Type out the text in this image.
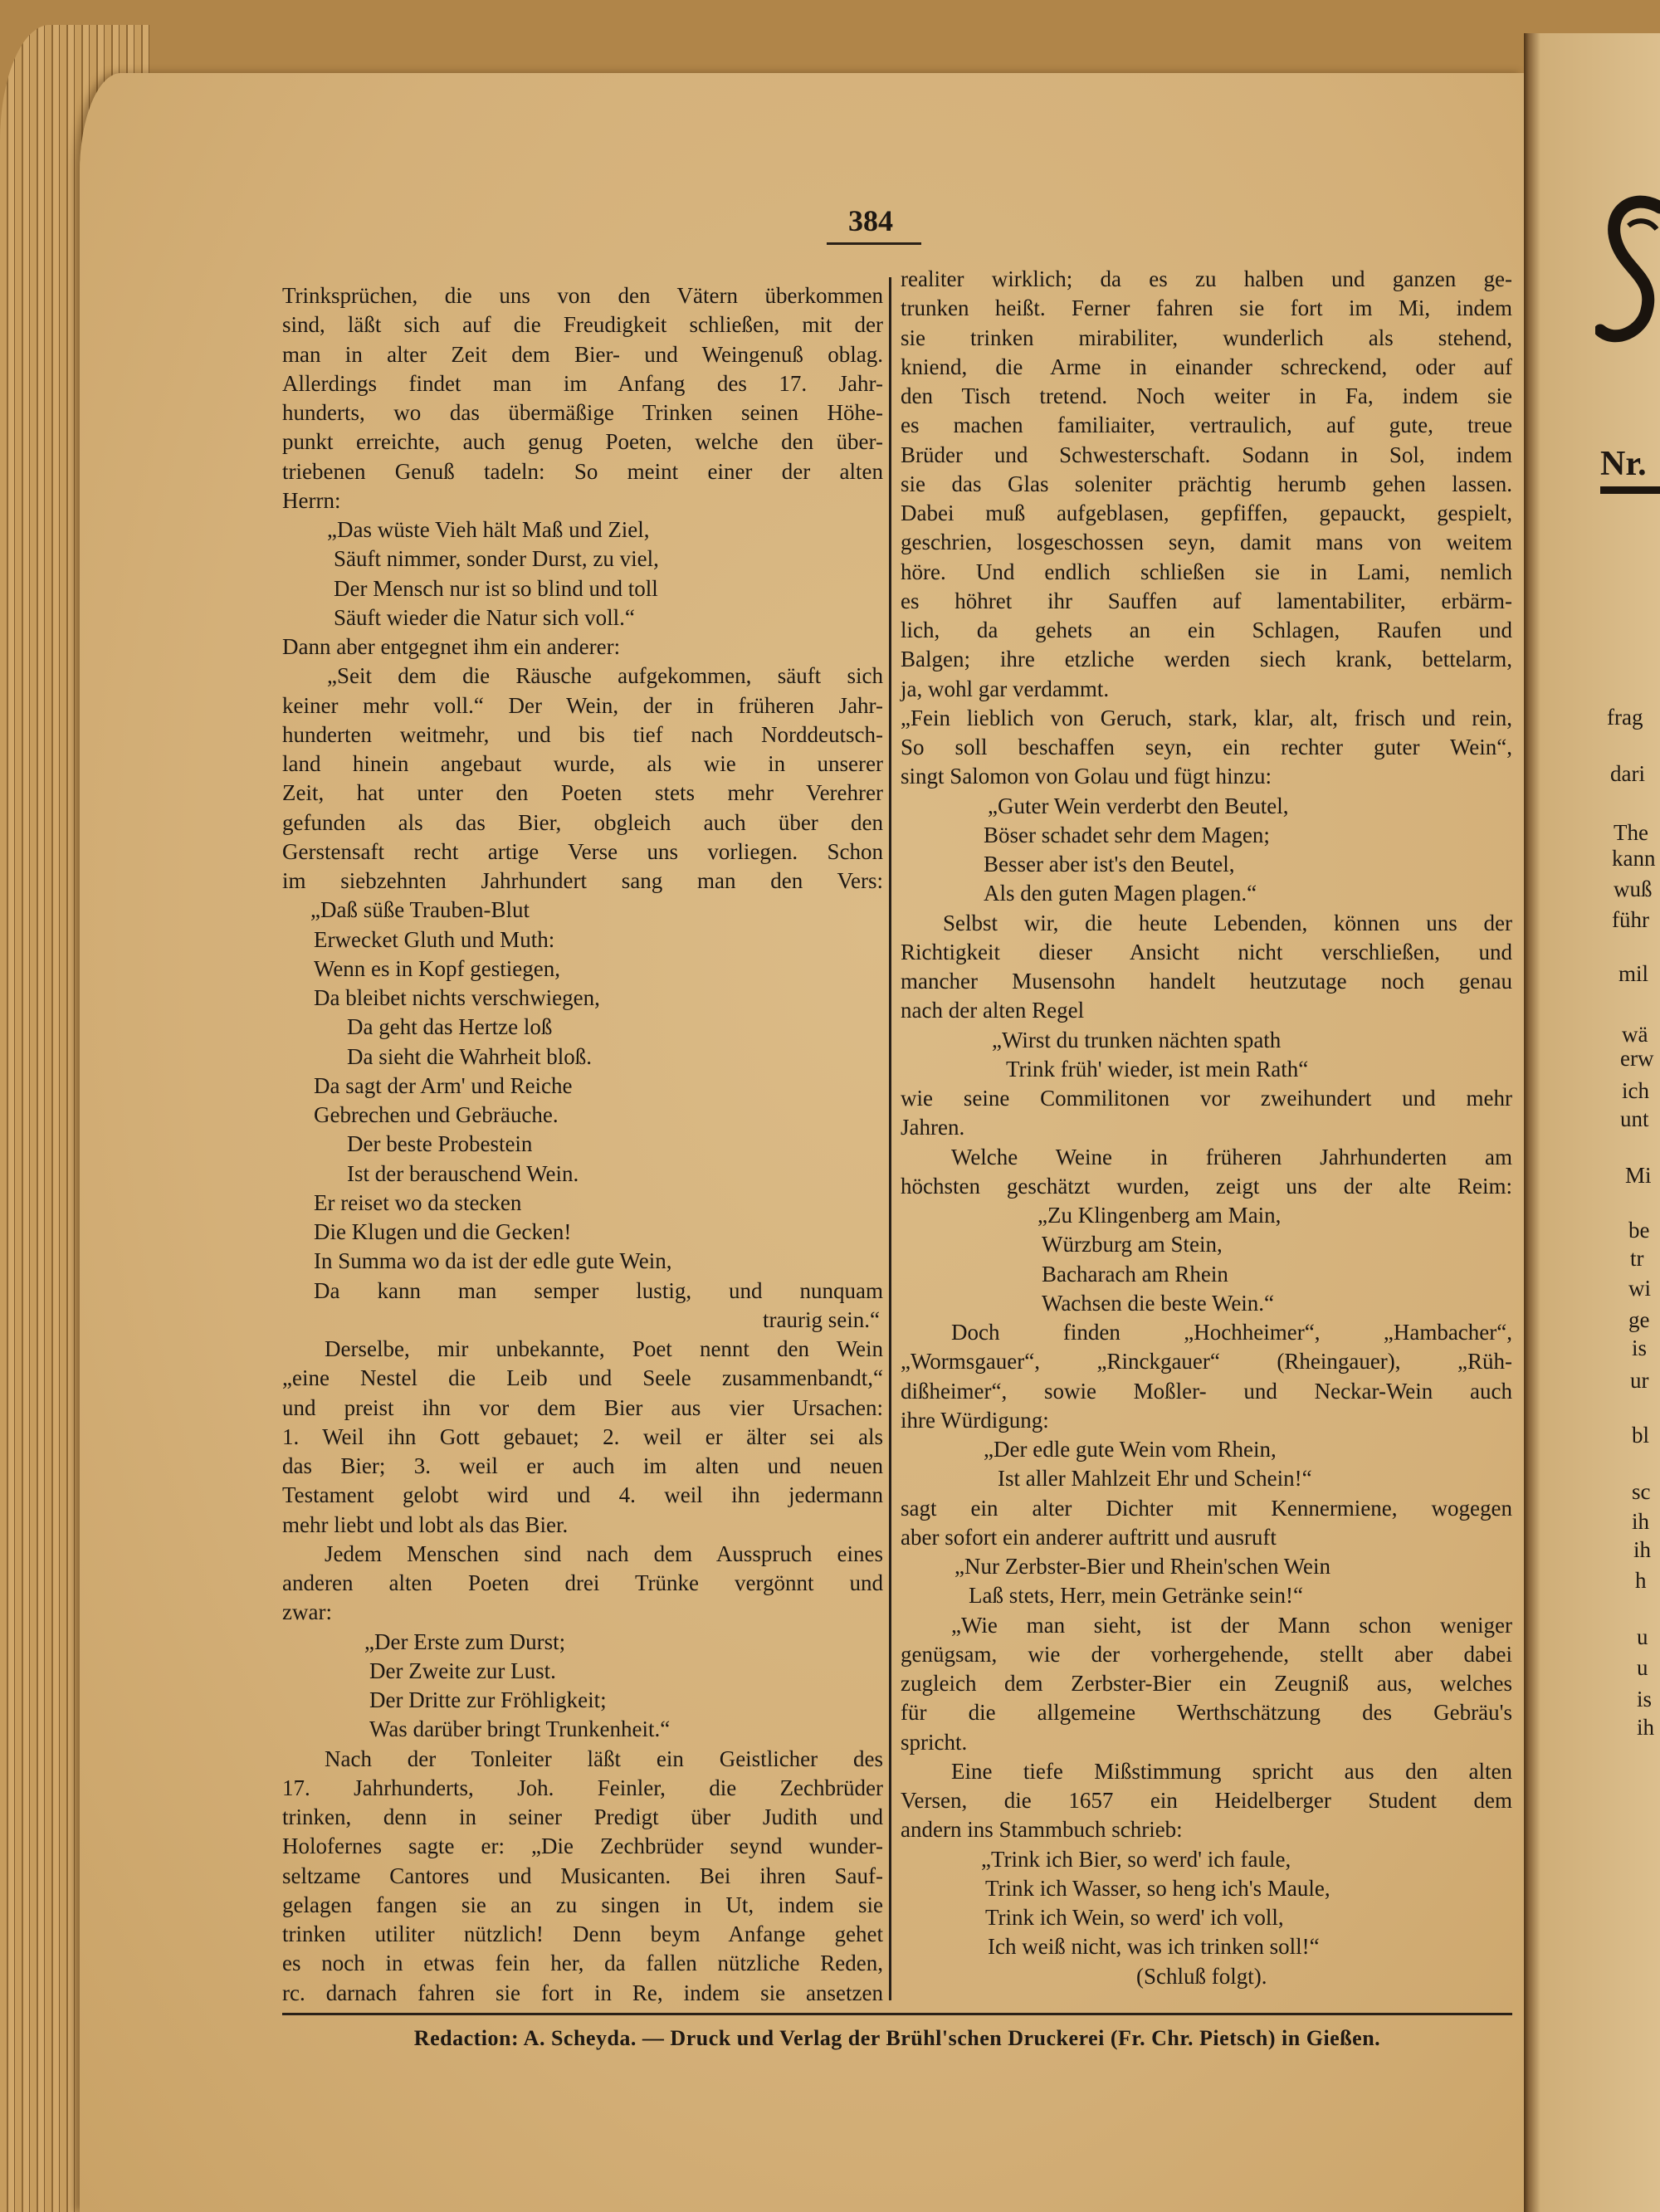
Nr.
frag
dari
The
kann
wuß
führ
mil
wä
erw
ich
unt
Mi
be
tr
wi
ge
is
ur
bl
sc
ih
ih
h
u
u
is
ih
384
Trinksprüchen, die uns von den Vätern überkommen
sind, läßt sich auf die Freudigkeit schließen, mit der
man in alter Zeit dem Bier- und Weingenuß oblag.
Allerdings findet man im Anfang des 17. Jahr-
hunderts, wo das übermäßige Trinken seinen Höhe-
punkt erreichte, auch genug Poeten, welche den über-
triebenen Genuß tadeln: So meint einer der alten
Herrn:
„Das wüste Vieh hält Maß und Ziel,
Säuft nimmer, sonder Durst, zu viel,
Der Mensch nur ist so blind und toll
Säuft wieder die Natur sich voll.“
Dann aber entgegnet ihm ein anderer:
„Seit dem die Räusche aufgekommen, säuft sich
keiner mehr voll.“ Der Wein, der in früheren Jahr-
hunderten weitmehr, und bis tief nach Norddeutsch-
land hinein angebaut wurde, als wie in unserer
Zeit, hat unter den Poeten stets mehr Verehrer
gefunden als das Bier, obgleich auch über den
Gerstensaft recht artige Verse uns vorliegen. Schon
im siebzehnten Jahrhundert sang man den Vers:
„Daß süße Trauben-Blut
Erwecket Gluth und Muth:
Wenn es in Kopf gestiegen,
Da bleibet nichts verschwiegen,
Da geht das Hertze loß
Da sieht die Wahrheit bloß.
Da sagt der Arm' und Reiche
Gebrechen und Gebräuche.
Der beste Probestein
Ist der berauschend Wein.
Er reiset wo da stecken
Die Klugen und die Gecken!
In Summa wo da ist der edle gute Wein,
Da kann man semper lustig, und nunquam
traurig sein.“
Derselbe, mir unbekannte, Poet nennt den Wein
„eine Nestel die Leib und Seele zusammenbandt,“
und preist ihn vor dem Bier aus vier Ursachen:
1. Weil ihn Gott gebauet; 2. weil er älter sei als
das Bier; 3. weil er auch im alten und neuen
Testament gelobt wird und 4. weil ihn jedermann
mehr liebt und lobt als das Bier.
Jedem Menschen sind nach dem Ausspruch eines
anderen alten Poeten drei Trünke vergönnt und
zwar:
„Der Erste zum Durst;
Der Zweite zur Lust.
Der Dritte zur Fröhligkeit;
Was darüber bringt Trunkenheit.“
Nach der Tonleiter läßt ein Geistlicher des
17. Jahrhunderts, Joh. Feinler, die Zechbrüder
trinken, denn in seiner Predigt über Judith und
Holofernes sagte er: „Die Zechbrüder seynd wunder-
seltzame Cantores und Musicanten. Bei ihren Sauf-
gelagen fangen sie an zu singen in Ut, indem sie
trinken utiliter nützlich! Denn beym Anfange gehet
es noch in etwas fein her, da fallen nützliche Reden,
rc. darnach fahren sie fort in Re, indem sie ansetzen
realiter wirklich; da es zu halben und ganzen ge-
trunken heißt. Ferner fahren sie fort im Mi, indem
sie trinken mirabiliter, wunderlich als stehend,
kniend, die Arme in einander schreckend, oder auf
den Tisch tretend. Noch weiter in Fa, indem sie
es machen familiaiter, vertraulich, auf gute, treue
Brüder und Schwesterschaft. Sodann in Sol, indem
sie das Glas soleniter prächtig herumb gehen lassen.
Dabei muß aufgeblasen, gepfiffen, gepauckt, gespielt,
geschrien, losgeschossen seyn, damit mans von weitem
höre. Und endlich schließen sie in Lami, nemlich
es höhret ihr Sauffen auf lamentabiliter, erbärm-
lich, da gehets an ein Schlagen, Raufen und
Balgen; ihre etzliche werden siech krank, bettelarm,
ja, wohl gar verdammt.
„Fein lieblich von Geruch, stark, klar, alt, frisch und rein,
So soll beschaffen seyn, ein rechter guter Wein“,
singt Salomon von Golau und fügt hinzu:
„Guter Wein verderbt den Beutel,
Böser schadet sehr dem Magen;
Besser aber ist's den Beutel,
Als den guten Magen plagen.“
Selbst wir, die heute Lebenden, können uns der
Richtigkeit dieser Ansicht nicht verschließen, und
mancher Musensohn handelt heutzutage noch genau
nach der alten Regel
„Wirst du trunken nächten spath
Trink früh' wieder, ist mein Rath“
wie seine Commilitonen vor zweihundert und mehr
Jahren.
Welche Weine in früheren Jahrhunderten am
höchsten geschätzt wurden, zeigt uns der alte Reim:
„Zu Klingenberg am Main,
Würzburg am Stein,
Bacharach am Rhein
Wachsen die beste Wein.“
Doch finden „Hochheimer“, „Hambacher“,
„Wormsgauer“, „Rinckgauer“ (Rheingauer), „Rüh-
dißheimer“, sowie Moßler- und Neckar-Wein auch
ihre Würdigung:
„Der edle gute Wein vom Rhein,
Ist aller Mahlzeit Ehr und Schein!“
sagt ein alter Dichter mit Kennermiene, wogegen
aber sofort ein anderer auftritt und ausruft
„Nur Zerbster-Bier und Rhein'schen Wein
Laß stets, Herr, mein Getränke sein!“
„Wie man sieht, ist der Mann schon weniger
genügsam, wie der vorhergehende, stellt aber dabei
zugleich dem Zerbster-Bier ein Zeugniß aus, welches
für die allgemeine Werthschätzung des Gebräu's
spricht.
Eine tiefe Mißstimmung spricht aus den alten
Versen, die 1657 ein Heidelberger Student dem
andern ins Stammbuch schrieb:
„Trink ich Bier, so werd' ich faule,
Trink ich Wasser, so heng ich's Maule,
Trink ich Wein, so werd' ich voll,
Ich weiß nicht, was ich trinken soll!“
(Schluß folgt).
Redaction: A. Scheyda. — Druck und Verlag der Brühl'schen Druckerei (Fr. Chr. Pietsch) in Gießen.
